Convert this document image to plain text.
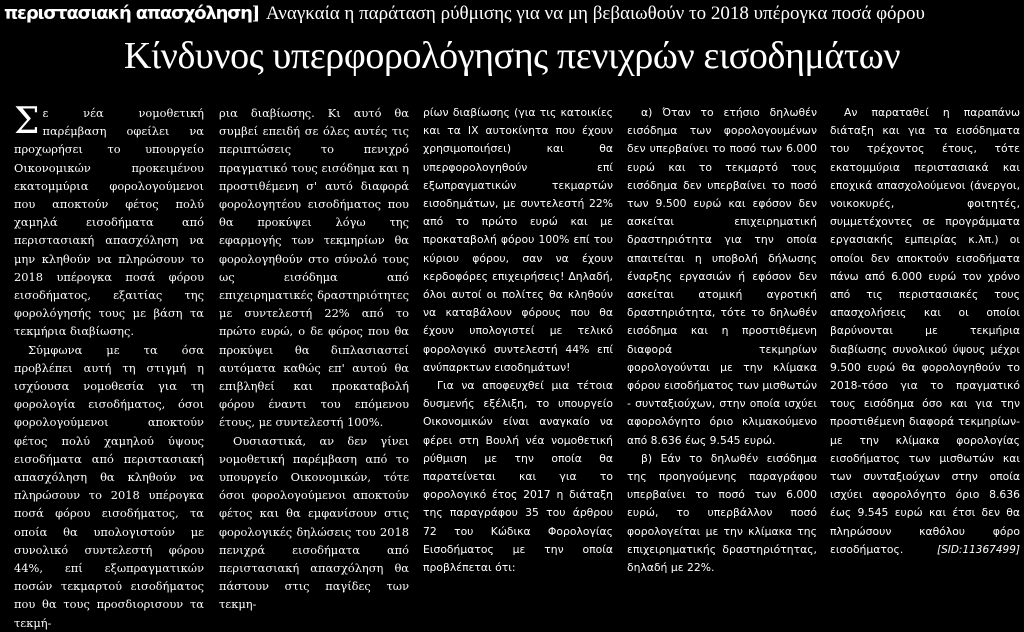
περιστασιακή απασχόληση] Αναγκαία η παράταση ρύθμισης για να μη βεβαιωθούν το 2018 υπέρογκα ποσά φόρου
Κίνδυνος υπερφορολόγησης πενιχρών εισοδημάτων

Σε νέα νομοθετική παρέμβαση οφείλει να προχωρήσει το υπουργείο Οικονομικών προκειμένου εκατομμύρια φορολογούμενοι που αποκτούν φέτος πολύ χαμηλά εισοδήματα από περιστασιακή απασχόληση να μην κληθούν να πληρώσουν το 2018 υπέρογκα ποσά φόρου εισοδήματος, εξαιτίας της φορολόγησής τους με βάση τα τεκμήρια διαβίωσης.

Σύμφωνα με τα όσα προβλέπει αυτή τη στιγμή η ισχύουσα νομοθεσία για τη φορολογία εισοδήματος, όσοι φορολογούμενοι αποκτούν φέτος πολύ χαμηλού ύψους εισοδήματα από περιστασιακή απασχόληση θα κληθούν να πληρώσουν το 2018 υπέρογκα ποσά φόρου εισοδήματος, τα οποία θα υπολογιστούν με συνολικό συντελεστή φόρου 44%, επί εξωπραγματικών ποσών τεκμαρτού εισοδήματος που θα τους προσδιορισουν τα τεκμή-

ρια διαβίωσης. Κι αυτό θα συμβεί επειδή σε όλες αυτές τις περιπτώσεις το πενιχρό πραγματικό τους εισόδημα και η προστιθέμενη σ' αυτό διαφορά φορολογητέου εισοδήματος που θα προκύψει λόγω της εφαρμογής των τεκμηρίων θα φορολογηθούν στο σύνολό τους ως εισόδημα από επιχειρηματικές δραστηριότητες με συντελεστή 22% από το πρώτο ευρώ, ο δε φόρος που θα προκύψει θα διπλασιαστεί αυτόματα καθώς επ' αυτού θα επιβληθεί και προκαταβολή φόρου έναντι του επόμενου έτους, με συντελεστή 100%.

Ουσιαστικά, αν δεν γίνει νομοθετική παρέμβαση από το υπουργείο Οικονομικών, τότε όσοι φορολογούμενοι αποκτούν φέτος και θα εμφανίσουν στις φορολογικές δηλώσεις του 2018 πενιχρά εισοδήματα από περιστασιακή απασχόληση θα πάστουν στις παγίδες των τεκμη-

ρίων διαβίωσης (για τις κατοικίες και τα ΙΧ αυτοκίνητα που έχουν χρησιμοποιήσει) και θα υπερφορολογηθούν επί εξωπραγματικών τεκμαρτών εισοδημάτων, με συντελεστή 22% από το πρώτο ευρώ και με προκαταβολή φόρου 100% επί του κύριου φόρου, σαν να έχουν κερδοφόρες επιχειρήσεις! Δηλαδή, όλοι αυτοί οι πολίτες θα κληθούν να καταβάλουν φόρους που θα έχουν υπολογιστεί με τελικό φορολογικό συντελεστή 44% επί ανύπαρκτων εισοδημάτων!

Για να αποφευχθεί μια τέτοια δυσμενής εξέλιξη, το υπουργείο Οικονομικών είναι αναγκαίο να φέρει στη Βουλή νέα νομοθετική ρύθμιση με την οποία θα παρατείνεται και για το φορολογικό έτος 2017 η διάταξη της παραγράφου 35 του άρθρου 72 του Κώδικα Φορολογίας Εισοδήματος με την οποία προβλέπεται ότι:

α) Όταν το ετήσιο δηλωθέν εισόδημα των φορολογουμένων δεν υπερβαίνει το ποσό των 6.000 ευρώ και το τεκμαρτό τους εισόδημα δεν υπερβαίνει το ποσό των 9.500 ευρώ και εφόσον δεν ασκείται επιχειρηματική δραστηριότητα για την οποία απαιτείται η υποβολή δήλωσης έναρξης εργασιών ή εφόσον δεν ασκείται ατομική αγροτική δραστηριότητα, τότε το δηλωθέν εισόδημα και η προστιθέμενη διαφορά τεκμηρίων φορολογούνται με την κλίμακα φόρου εισοδήματος των μισθωτών - συνταξιούχων, στην οποία ισχύει αφορολόγητο όριο κλιμακούμενο από 8.636 έως 9.545 ευρώ.

β) Εάν το δηλωθέν εισόδημα της προηγούμενης παραγράφου υπερβαίνει το ποσό των 6.000 ευρώ, το υπερβάλλον ποσό φορολογείται με την κλίμακα της επιχειρηματικής δραστηριότητας, δηλαδή με 22%.

Αν παραταθεί η παραπάνω διάταξη και για τα εισόδηματα του τρέχοντος έτους, τότε εκατομμύρια περιστασιακά και εποχικά απασχολούμενοι (άνεργοι, νοικοκυρές, φοιτητές, συμμετέχοντες σε προγράμματα εργασιακής εμπειρίας κ.λπ.) οι οποίοι δεν αποκτούν εισοδήματα πάνω από 6.000 ευρώ τον χρόνο από τις περιστασιακές τους απασχολήσεις και οι οποίοι βαρύνονται με τεκμήρια διαβίωσης συνολικού ύψους μέχρι 9.500 ευρώ θα φορολογηθούν το 2018-τόσο για το πραγματικό τους εισόδημα όσο και για την προστιθέμενη διαφορά τεκμηρίων- με την κλίμακα φορολογίας εισοδήματος των μισθωτών και των συνταξιούχων στην οποία ισχύει αφορολόγητο όριο 8.636 έως 9.545 ευρώ και έτσι δεν θα πληρώσουν καθόλου φόρο εισοδήματος.	[SID:11367499]
